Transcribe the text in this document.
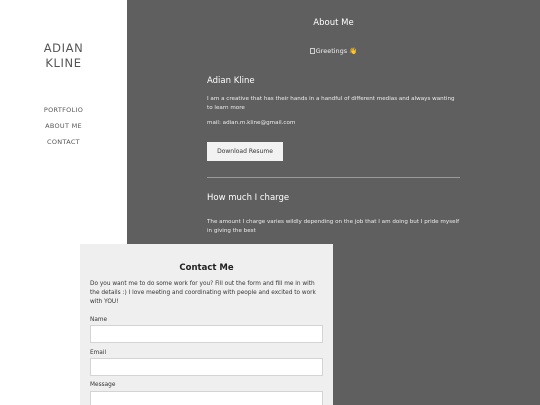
ADIAN
KLINE
PORTFOLIO
ABOUT ME
CONTACT
About Me
Greetings 👋
Adian Kline
I am a creative that has their hands in a handful of different medias and always wanting to learn more
mail: adian.m.kline@gmail.com
Download Resume
How much I charge
The amount I charge varies wildly depending on the job that I am doing but I pride myself in giving the best
Contact Me
Do you want me to do some work for you? Fill out the form and fill me in with the details :) I love meeting and coordinating with people and excited to work with YOU!
Name
Email
Message
